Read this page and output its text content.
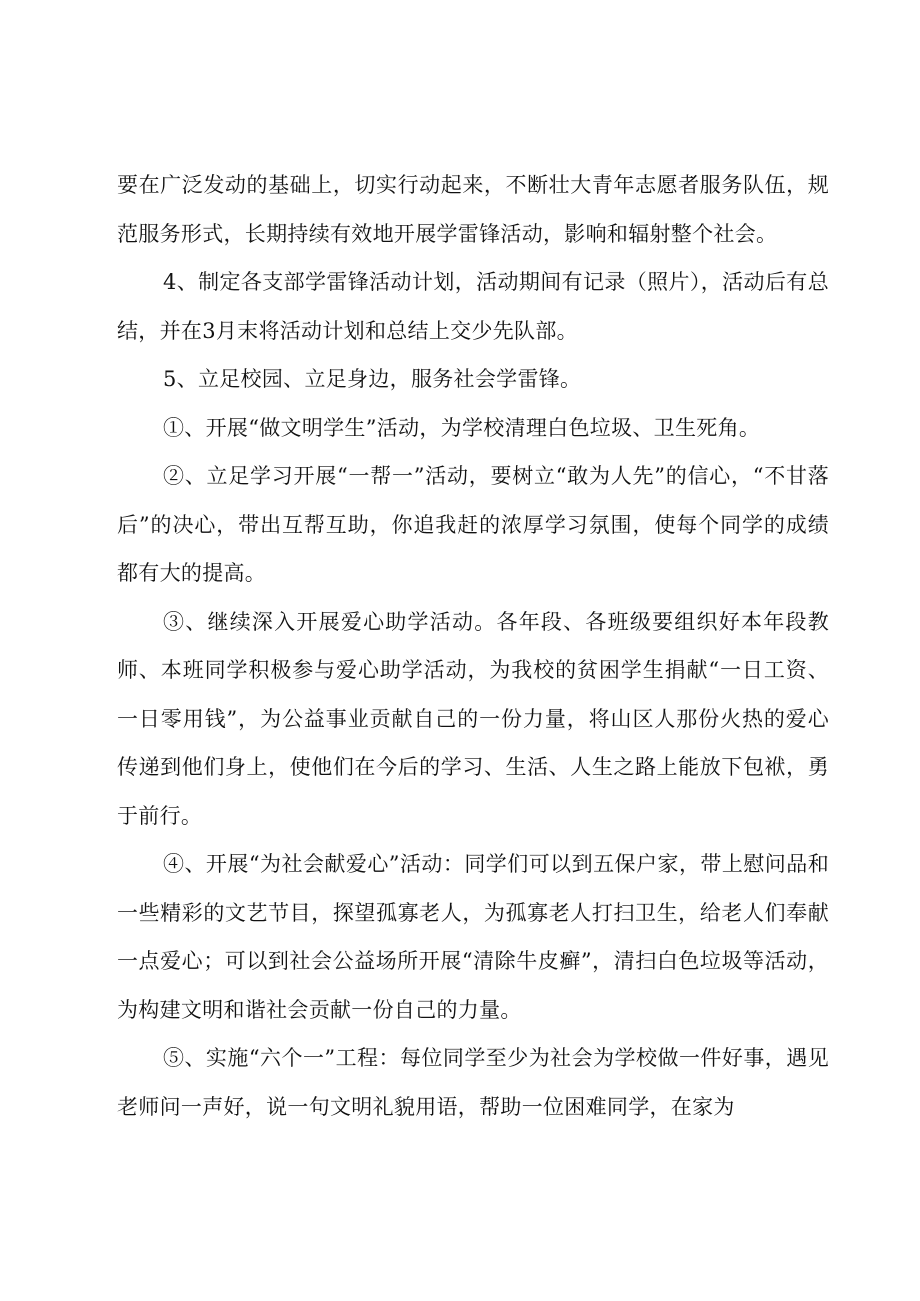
要在广泛发动的基础上，切实行动起来，不断壮大青年志愿者服务队伍，规范服务形式，长期持续有效地开展学雷锋活动，影响和辐射整个社会。

4、制定各支部学雷锋活动计划，活动期间有记录（照片），活动后有总结，并在3月末将活动计划和总结上交少先队部。

5、立足校园、立足身边，服务社会学雷锋。

①、开展“做文明学生”活动，为学校清理白色垃圾、卫生死角。

②、立足学习开展“一帮一”活动，要树立“敢为人先”的信心，“不甘落后”的决心，带出互帮互助，你追我赶的浓厚学习氛围，使每个同学的成绩都有大的提高。

③、继续深入开展爱心助学活动。各年段、各班级要组织好本年段教师、本班同学积极参与爱心助学活动，为我校的贫困学生捐献“一日工资、一日零用钱”，为公益事业贡献自己的一份力量，将山区人那份火热的爱心传递到他们身上，使他们在今后的学习、生活、人生之路上能放下包袱，勇于前行。

④、开展“为社会献爱心”活动：同学们可以到五保户家，带上慰问品和一些精彩的文艺节目，探望孤寡老人，为孤寡老人打扫卫生，给老人们奉献一点爱心；可以到社会公益场所开展“清除牛皮癣”，清扫白色垃圾等活动，为构建文明和谐社会贡献一份自己的力量。

⑤、实施“六个一”工程：每位同学至少为社会为学校做一件好事，遇见老师问一声好，说一句文明礼貌用语，帮助一位困难同学，在家为
